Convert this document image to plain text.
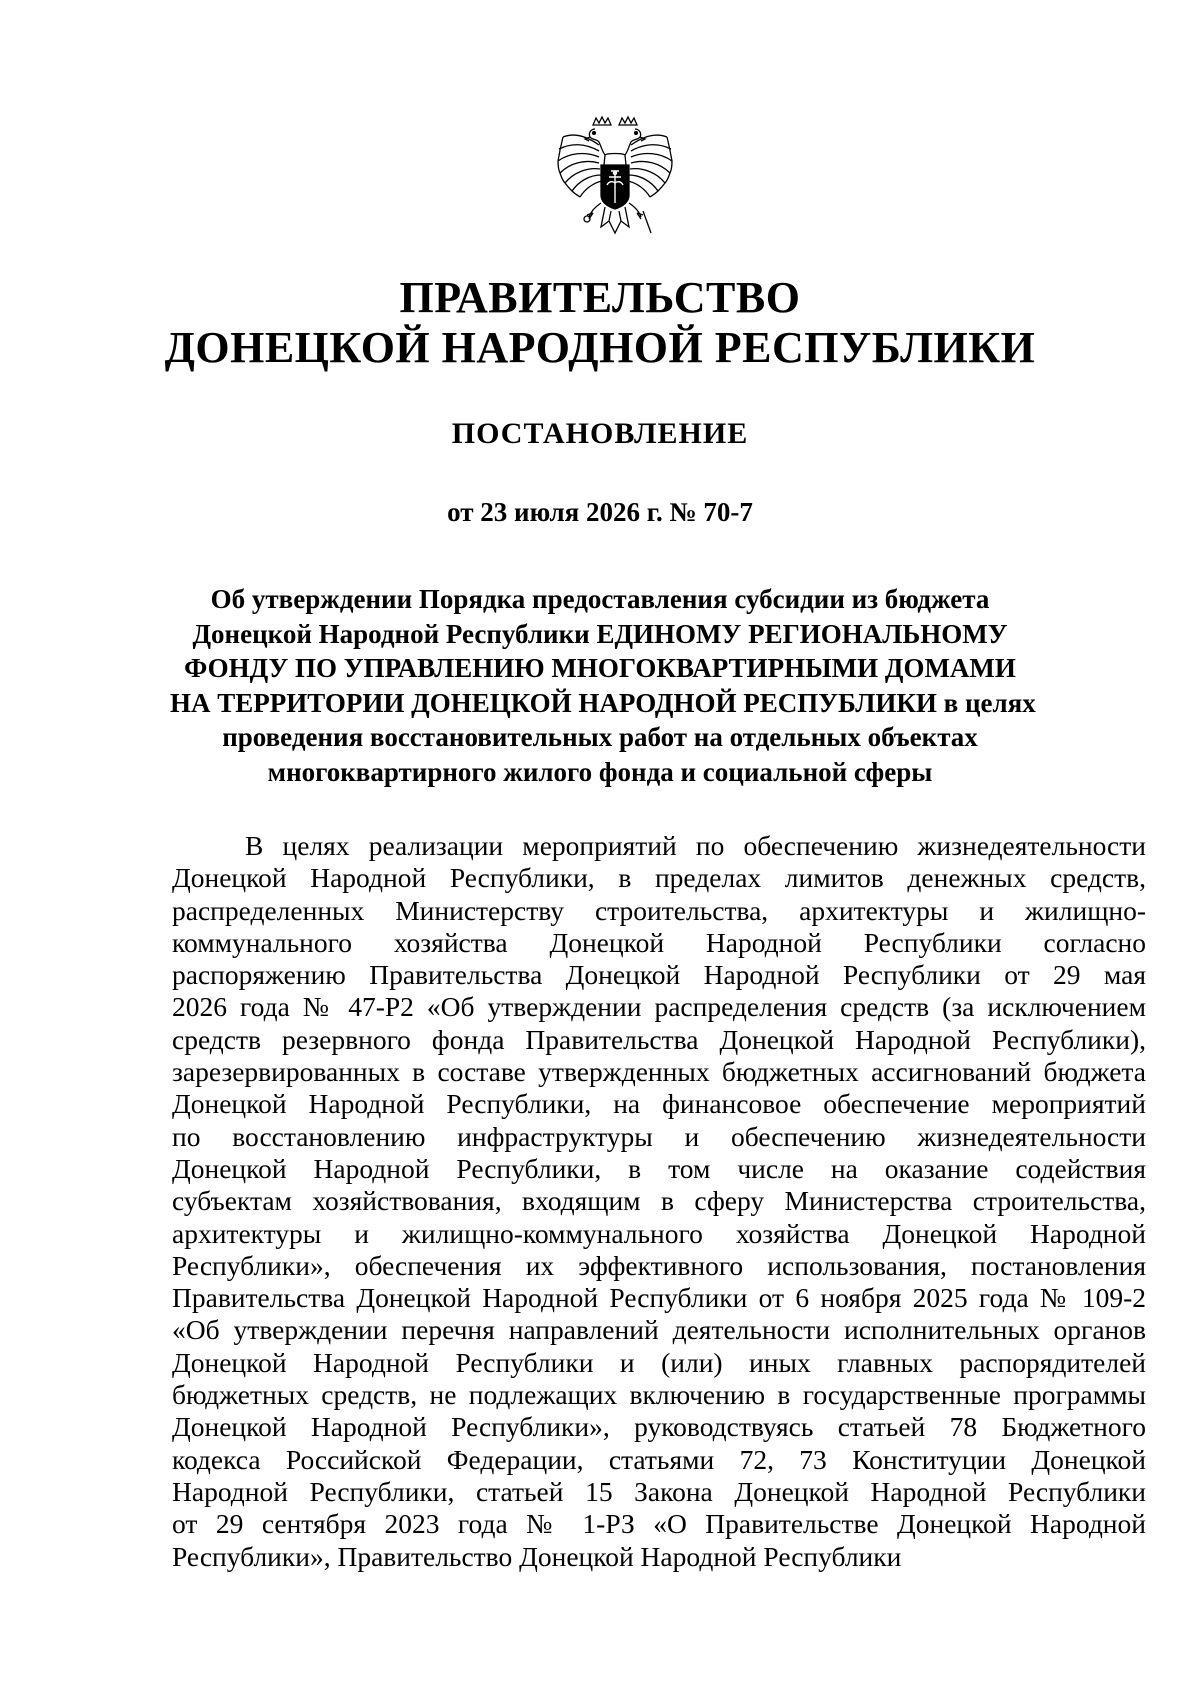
ПРАВИТЕЛЬСТВО
ДОНЕЦКОЙ НАРОДНОЙ РЕСПУБЛИКИ
ПОСТАНОВЛЕНИЕ
от 23 июля 2026 г. № 70-7
Об утверждении Порядка предоставления субсидии из бюджета
Донецкой Народной Республики ЕДИНОМУ РЕГИОНАЛЬНОМУ
ФОНДУ ПО УПРАВЛЕНИЮ МНОГОКВАРТИРНЫМИ ДОМАМИ
НА ТЕРРИТОРИИ ДОНЕЦКОЙ НАРОДНОЙ РЕСПУБЛИКИ в целях
проведения восстановительных работ на отдельных объектах
многоквартирного жилого фонда и социальной сферы
В целях реализации мероприятий по обеспечению жизнедеятельности
Донецкой Народной Республики, в пределах лимитов денежных средств,
распределенных Министерству строительства, архитектуры и жилищно-
коммунального хозяйства Донецкой Народной Республики согласно
распоряжению Правительства Донецкой Народной Республики от 29 мая
2026 года № 47-Р2 «Об утверждении распределения средств (за исключением
средств резервного фонда Правительства Донецкой Народной Республики),
зарезервированных в составе утвержденных бюджетных ассигнований бюджета
Донецкой Народной Республики, на финансовое обеспечение мероприятий
по восстановлению инфраструктуры и обеспечению жизнедеятельности
Донецкой Народной Республики, в том числе на оказание содействия
субъектам хозяйствования, входящим в сферу Министерства строительства,
архитектуры и жилищно-коммунального хозяйства Донецкой Народной
Республики», обеспечения их эффективного использования, постановления
Правительства Донецкой Народной Республики от 6 ноября 2025 года № 109-2
«Об утверждении перечня направлений деятельности исполнительных органов
Донецкой Народной Республики и (или) иных главных распорядителей
бюджетных средств, не подлежащих включению в государственные программы
Донецкой Народной Республики», руководствуясь статьей 78 Бюджетного
кодекса Российской Федерации, статьями 72, 73 Конституции Донецкой
Народной Республики, статьей 15 Закона Донецкой Народной Республики
от 29 сентября 2023 года № 1-РЗ «О Правительстве Донецкой Народной
Республики», Правительство Донецкой Народной Республики
